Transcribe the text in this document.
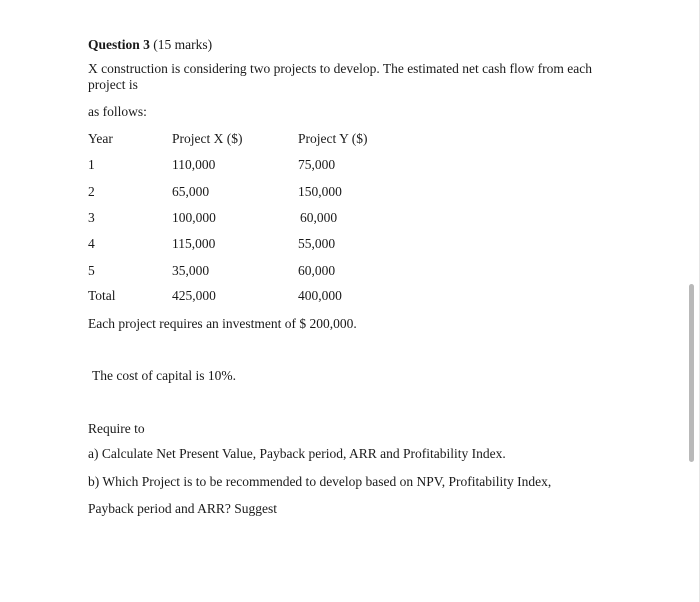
Question 3 (15 marks)
X construction is considering two projects to develop. The estimated net cash flow from each
project is
as follows:
Year	Project X ($)	Project Y ($)
1	110,000	75,000
2	65,000	150,000
3	100,000	60,000
4	115,000	55,000
5	35,000	60,000
Total	425,000	400,000
Each project requires an investment of $ 200,000.
The cost of capital is 10%.
Require to
a) Calculate Net Present Value, Payback period, ARR and Profitability Index.
b) Which Project is to be recommended to develop based on NPV, Profitability Index,
Payback period and ARR? Suggest
